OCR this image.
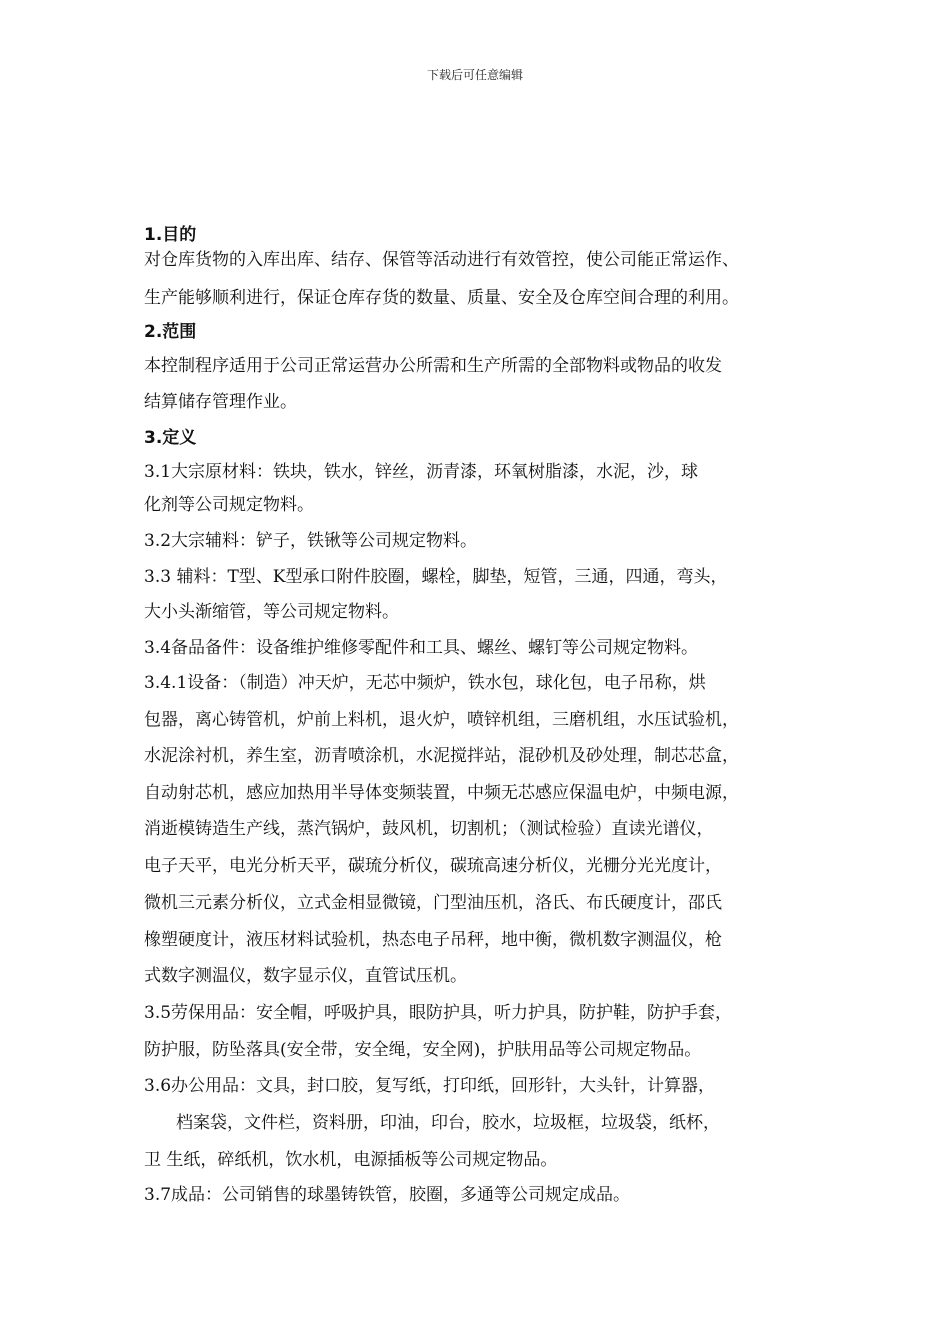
下载后可任意编辑
1.目的
对仓库货物的入库出库、结存、保管等活动进行有效管控，使公司能正常运作、
生产能够顺利进行，保证仓库存货的数量、质量、安全及仓库空间合理的利用。
2.范围
本控制程序适用于公司正常运营办公所需和生产所需的全部物料或物品的收发
结算储存管理作业。
3.定义
3.1大宗原材料：铁块，铁水，锌丝，沥青漆，环氧树脂漆，水泥，沙，球
化剂等公司规定物料。
3.2大宗辅料：铲子，铁锹等公司规定物料。
3.3 辅料：T型、K型承口附件胶圈，螺栓，脚垫，短管，三通，四通，弯头，
大小头渐缩管，等公司规定物料。
3.4备品备件：设备维护维修零配件和工具、螺丝、螺钉等公司规定物料。
3.4.1设备：（制造）冲天炉，无芯中频炉，铁水包，球化包，电子吊称，烘
包器，离心铸管机，炉前上料机，退火炉，喷锌机组，三磨机组，水压试验机，
水泥涂衬机，养生室，沥青喷涂机，水泥搅拌站，混砂机及砂处理，制芯芯盒，
自动射芯机，感应加热用半导体变频装置，中频无芯感应保温电炉，中频电源，
消逝模铸造生产线，蒸汽锅炉，鼓风机，切割机；（测试检验）直读光谱仪，
电子天平，电光分析天平，碳琉分析仪，碳琉高速分析仪，光栅分光光度计，
微机三元素分析仪，立式金相显微镜，门型油压机，洛氏、布氏硬度计，邵氏
橡塑硬度计，液压材料试验机，热态电子吊秤，地中衡，微机数字测温仪，枪
式数字测温仪，数字显示仪，直管试压机。
3.5劳保用品：安全帽，呼吸护具，眼防护具，听力护具，防护鞋，防护手套，
防护服，防坠落具(安全带，安全绳，安全网)，护肤用品等公司规定物品。
3.6办公用品：文具，封口胶，复写纸，打印纸，回形针，大头针，计算器，
档案袋，文件栏，资料册，印油，印台，胶水，垃圾框，垃圾袋，纸杯，
卫 生纸，碎纸机，饮水机，电源插板等公司规定物品。
3.7成品：公司销售的球墨铸铁管，胶圈，多通等公司规定成品。
